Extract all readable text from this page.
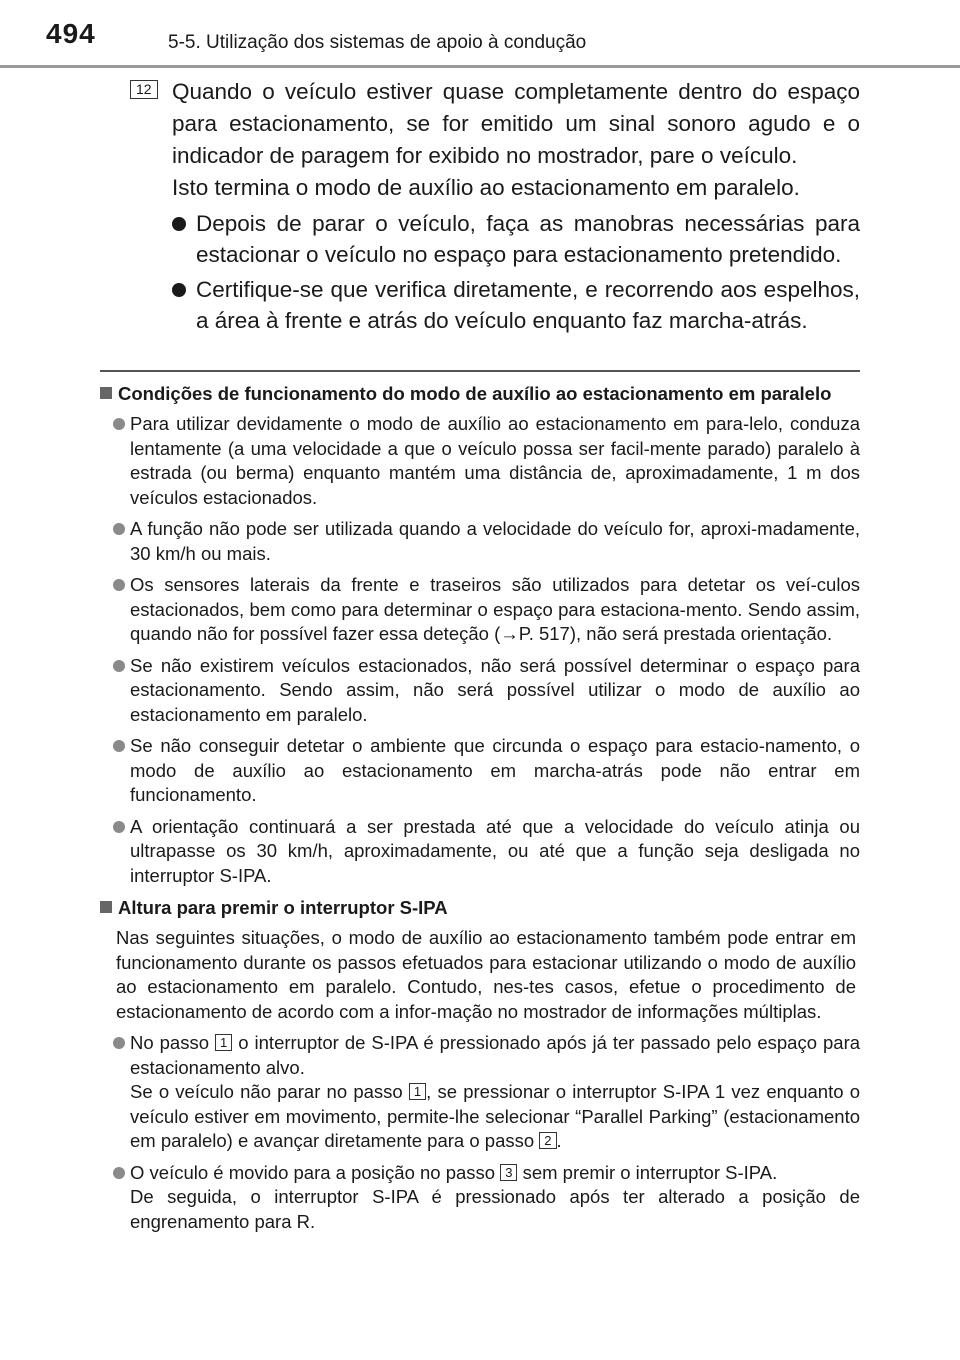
494	5-5. Utilização dos sistemas de apoio à condução
12 Quando o veículo estiver quase completamente dentro do espaço para estacionamento, se for emitido um sinal sonoro agudo e o indicador de paragem for exibido no mostrador, pare o veículo.
Isto termina o modo de auxílio ao estacionamento em paralelo.
Depois de parar o veículo, faça as manobras necessárias para estacionar o veículo no espaço para estacionamento pretendido.
Certifique-se que verifica diretamente, e recorrendo aos espelhos, a área à frente e atrás do veículo enquanto faz marcha-atrás.
Condições de funcionamento do modo de auxílio ao estacionamento em paralelo
Para utilizar devidamente o modo de auxílio ao estacionamento em para-lelo, conduza lentamente (a uma velocidade a que o veículo possa ser facil-mente parado) paralelo à estrada (ou berma) enquanto mantém uma distância de, aproximadamente, 1 m dos veículos estacionados.
A função não pode ser utilizada quando a velocidade do veículo for, aproxi-madamente, 30 km/h ou mais.
Os sensores laterais da frente e traseiros são utilizados para detetar os veí-culos estacionados, bem como para determinar o espaço para estaciona-mento. Sendo assim, quando não for possível fazer essa deteção (→P. 517), não será prestada orientação.
Se não existirem veículos estacionados, não será possível determinar o espaço para estacionamento. Sendo assim, não será possível utilizar o modo de auxílio ao estacionamento em paralelo.
Se não conseguir detetar o ambiente que circunda o espaço para estacio-namento, o modo de auxílio ao estacionamento em marcha-atrás pode não entrar em funcionamento.
A orientação continuará a ser prestada até que a velocidade do veículo atinja ou ultrapasse os 30 km/h, aproximadamente, ou até que a função seja desligada no interruptor S-IPA.
Altura para premir o interruptor S-IPA

Nas seguintes situações, o modo de auxílio ao estacionamento também pode entrar em funcionamento durante os passos efetuados para estacionar utilizando o modo de auxílio ao estacionamento em paralelo. Contudo, nes-tes casos, efetue o procedimento de estacionamento de acordo com a infor-mação no mostrador de informações múltiplas.

No passo 1 o interruptor de S-IPA é pressionado após já ter passado pelo espaço para estacionamento alvo.
Se o veículo não parar no passo 1 , se pressionar o interruptor S-IPA 1 vez enquanto o veículo estiver em movimento, permite-lhe selecionar “Parallel Parking” (estacionamento em paralelo) e avançar diretamente para o passo 2 .
O veículo é movido para a posição no passo 3 sem premir o interruptor S-IPA.
De seguida, o interruptor S-IPA é pressionado após ter alterado a posição de engrenamento para R.
